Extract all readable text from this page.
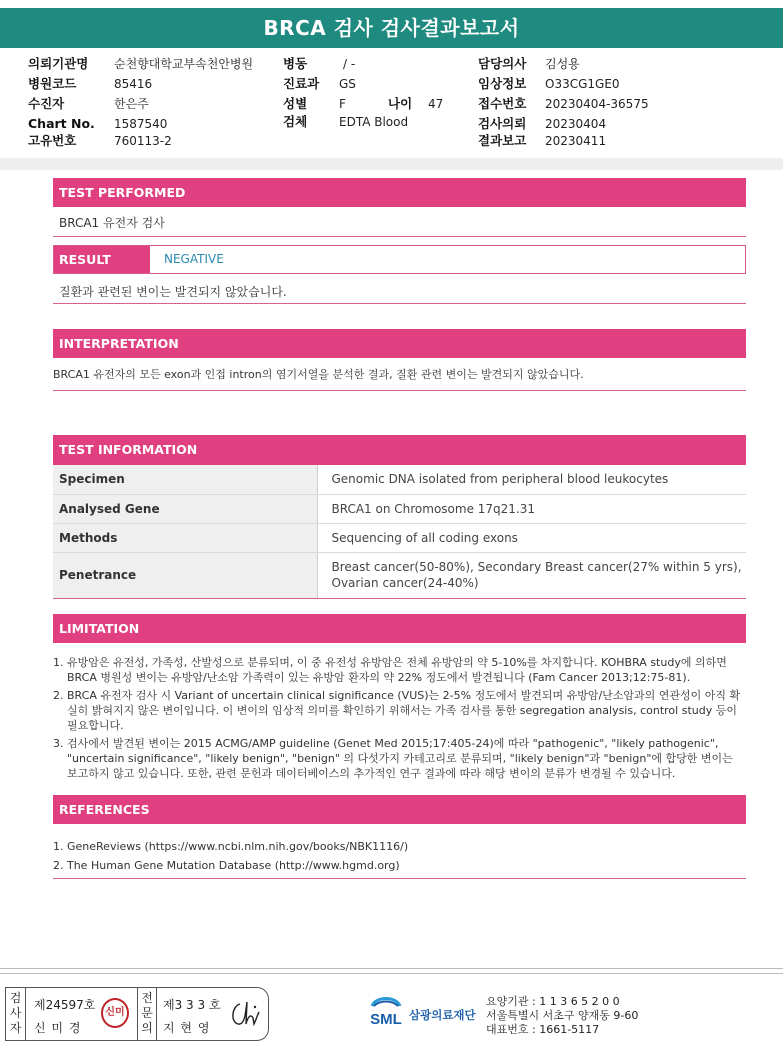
BRCA 검사 검사결과보고서
의뢰기관명 순천향대학교부속천안병원
병원코드	85416
수진자	한은주
Chart No. 1587540
고유번호	760113-2
병동	/ -
진료과 GS
성별	F	나이 47
검체	EDTA Blood
담당의사 김성용
임상정보 O33CG1GE0
접수번호 20230404-36575
검사의뢰 20230404
결과보고 20230411
TEST PERFORMED
BRCA1 유전자 검사
RESULT	NEGATIVE
질환과 관련된 변이는 발견되지 않았습니다.
INTERPRETATION
BRCA1 유전자의 모든 exon과 인접 intron의 염기서열을 분석한 결과, 질환 관련 변이는 발견되지 않았습니다.
TEST INFORMATION
Specimen	Genomic DNA isolated from peripheral blood leukocytes
Analysed Gene	BRCA1 on Chromosome 17q21.31
Methods	Sequencing of all coding exons
Penetrance	Breast cancer(50-80%), Secondary Breast cancer(27% within 5 yrs),
Ovarian cancer(24-40%)
LIMITATION
1. 유방암은 유전성, 가족성, 산발성으로 분류되며, 이 중 유전성 유방암은 전체 유방암의 약 5-10%를 차지합니다. KOHBRA study에 의하면 BRCA 병원성 변이는 유방암/난소암 가족력이 있는 유방암 환자의 약 22% 정도에서 발견됩니다 (Fam Cancer 2013;12:75-81).
2. BRCA 유전자 검사 시 Variant of uncertain clinical significance (VUS)는 2-5% 정도에서 발견되며 유방암/난소암과의 연관성이 아직 확실히 밝혀지지 않은 변이입니다. 이 변이의 임상적 의미를 확인하기 위해서는 가족 검사를 통한 segregation analysis, control study 등이 필요합니다.
3. 검사에서 발견된 변이는 2015 ACMG/AMP guideline (Genet Med 2015;17:405-24)에 따라 "pathogenic", "likely pathogenic", "uncertain significance", "likely benign", "benign" 의 다섯가지 카테고리로 분류되며, "likely benign"과 "benign"에 합당한 변이는 보고하지 않고 있습니다. 또한, 관련 문헌과 데이터베이스의 추가적인 연구 결과에 따라 해당 변이의 분류가 변경될 수 있습니다.
REFERENCES
1. GeneReviews (https://www.ncbi.nlm.nih.gov/books/NBK1116/)
2. The Human Gene Mutation Database (http://www.hgmd.org)
검
사
자
제24597호
신 미 경
신미
전
문
의
제3 3 3 호
지 현 영	SML 삼광의료재단
요양기관 : 1 1 3 6 5 2 0 0
서울특별시 서초구 양재동 9-60
대표번호 : 1661-5117
